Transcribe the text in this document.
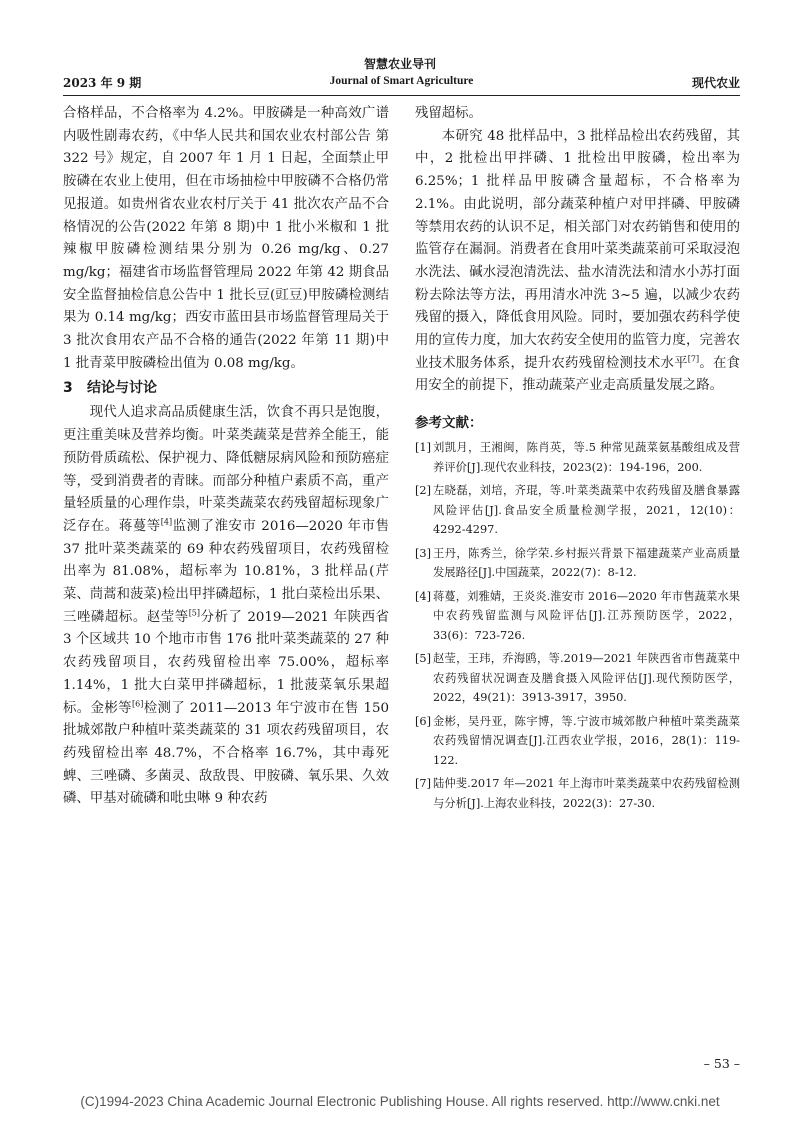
智慧农业导刊
2023 年 9 期	Journal of Smart Agriculture	现代农业

合格样品，不合格率为 4.2%。甲胺磷是一种高效广谱内吸性剧毒农药，《中华人民共和国农业农村部公告 第 322 号》规定，自 2007 年 1 月 1 日起，全面禁止甲胺磷在农业上使用，但在市场抽检中甲胺磷不合格仍常见报道。如贵州省农业农村厅关于 41 批次农产品不合格情况的公告(2022 年第 8 期)中 1 批小米椒和 1 批辣椒甲胺磷检测结果分别为 0.26 mg/kg、0.27 mg/kg；福建省市场监督管理局 2022 年第 42 期食品安全监督抽检信息公告中 1 批长豆(豇豆)甲胺磷检测结果为 0.14 mg/kg；西安市蓝田县市场监督管理局关于 3 批次食用农产品不合格的通告(2022 年第 11 期)中 1 批青菜甲胺磷检出值为 0.08 mg/kg。

3 结论与讨论

现代人追求高品质健康生活，饮食不再只是饱腹，更注重美味及营养均衡。叶菜类蔬菜是营养全能王，能预防骨质疏松、保护视力、降低糖尿病风险和预防癌症等，受到消费者的青睐。而部分种植户素质不高，重产量轻质量的心理作祟，叶菜类蔬菜农药残留超标现象广泛存在。蒋蔓等[4]监测了淮安市 2016—2020 年市售 37 批叶菜类蔬菜的 69 种农药残留项目，农药残留检出率为 81.08%，超标率为 10.81%，3 批样品(芹菜、茼蒿和菠菜)检出甲拌磷超标，1 批白菜检出乐果、三唑磷超标。赵莹等[5]分析了 2019—2021 年陕西省 3 个区域共 10 个地市市售 176 批叶菜类蔬菜的 27 种农药残留项目，农药残留检出率 75.00%，超标率 1.14%，1 批大白菜甲拌磷超标，1 批菠菜氧乐果超标。金彬等[6]检测了 2011—2013 年宁波市在售 150 批城郊散户种植叶菜类蔬菜的 31 项农药残留项目，农药残留检出率 48.7%，不合格率 16.7%，其中毒死蜱、三唑磷、多菌灵、敌敌畏、甲胺磷、氧乐果、久效磷、甲基对硫磷和吡虫啉 9 种农药

残留超标。

本研究 48 批样品中，3 批样品检出农药残留，其中，2 批检出甲拌磷、1 批检出甲胺磷，检出率为 6.25%；1 批样品甲胺磷含量超标，不合格率为 2.1%。由此说明，部分蔬菜种植户对甲拌磷、甲胺磷等禁用农药的认识不足，相关部门对农药销售和使用的监管存在漏洞。消费者在食用叶菜类蔬菜前可采取浸泡水洗法、碱水浸泡清洗法、盐水清洗法和清水小苏打面粉去除法等方法，再用清水冲洗 3~5 遍，以减少农药残留的摄入，降低食用风险。同时，要加强农药科学使用的宣传力度，加大农药安全使用的监管力度，完善农业技术服务体系，提升农药残留检测技术水平[7]。在食用安全的前提下，推动蔬菜产业走高质量发展之路。

参考文献：
[1] 刘凯月，王湘闽，陈肖英，等.5 种常见蔬菜氨基酸组成及营养评价[J].现代农业科技，2023(2)：194-196，200.
[2] 左晓磊，刘培，齐琨，等.叶菜类蔬菜中农药残留及膳食暴露风险评估[J].食品安全质量检测学报，2021，12(10)：4292-4297.
[3] 王丹，陈秀兰，徐学荣.乡村振兴背景下福建蔬菜产业高质量发展路径[J].中国蔬菜，2022(7)：8-12.
[4] 蒋蔓，刘雅婧，王炎炎.淮安市 2016—2020 年市售蔬菜水果中农药残留监测与风险评估[J].江苏预防医学，2022，33(6)：723-726.
[5] 赵莹，王玮，乔海鸥，等.2019—2021 年陕西省市售蔬菜中农药残留状况调查及膳食摄入风险评估[J].现代预防医学，2022，49(21)：3913-3917，3950.
[6] 金彬，吴丹亚，陈宇博，等.宁波市城郊散户种植叶菜类蔬菜农药残留情况调查[J].江西农业学报，2016，28(1)：119-122.
[7] 陆仲斐.2017 年—2021 年上海市叶菜类蔬菜中农药残留检测与分析[J].上海农业科技，2022(3)：27-30.
– 53 –
(C)1994-2023 China Academic Journal Electronic Publishing House. All rights reserved. http://www.cnki.net
